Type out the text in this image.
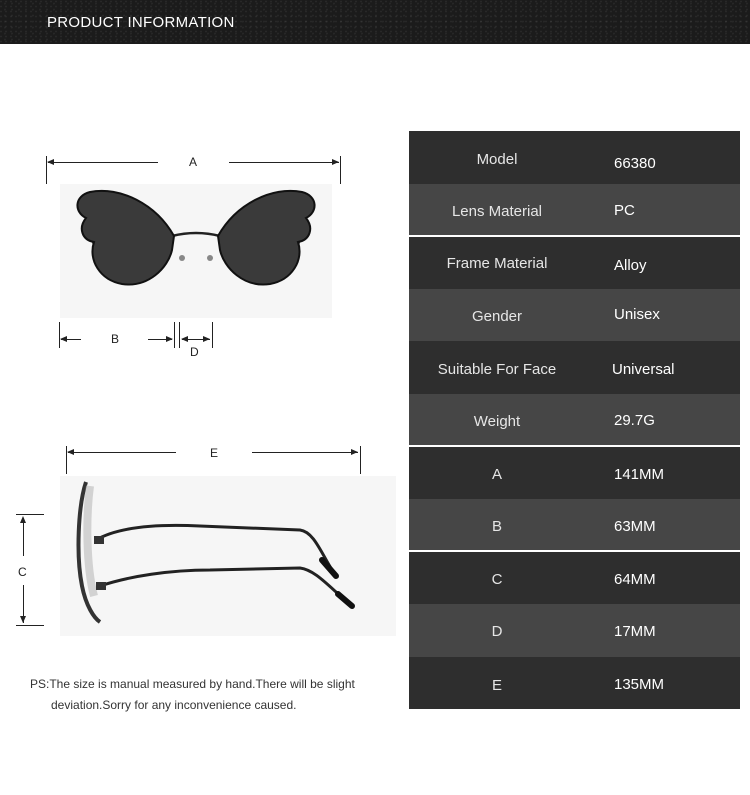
PRODUCT INFORMATION
A
B
D
E
C
PS:The size is manual measured by hand.There will be slight
deviation.Sorry for any inconvenience caused.
Model	66380
Lens Material	PC
Frame Material	Alloy
Gender	Unisex
Suitable For Face	Universal
Weight	29.7G
A	141MM
B	63MM
C	64MM
D	17MM
E	135MM
